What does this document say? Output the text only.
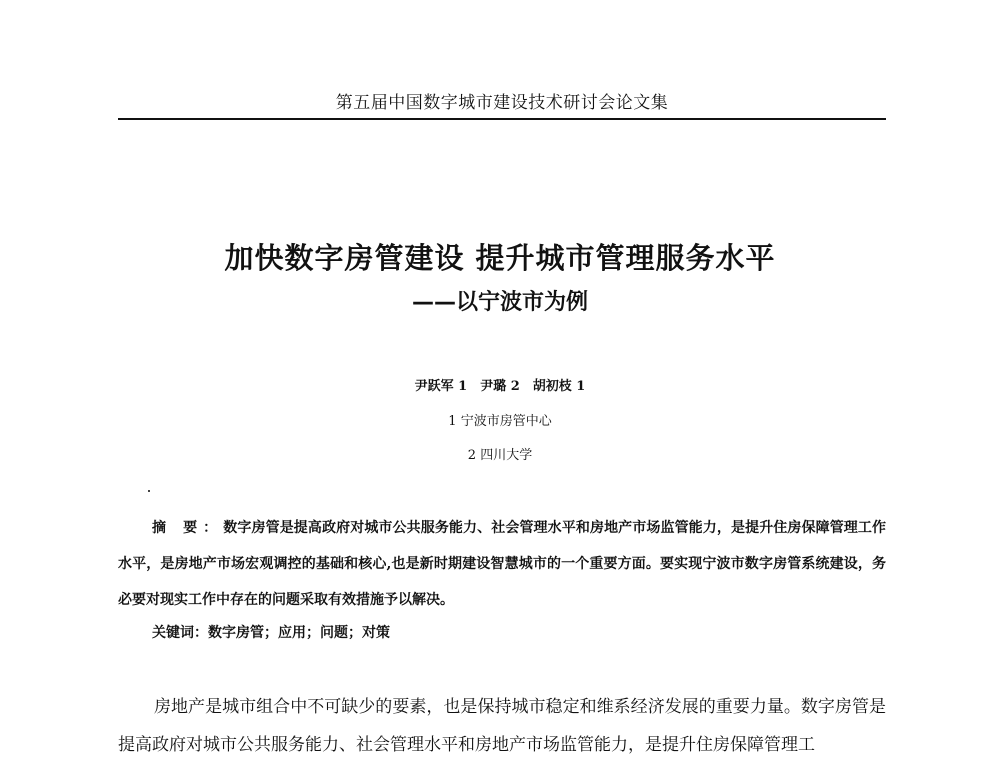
第五届中国数字城市建设技术研讨会论文集
加快数字房管建设 提升城市管理服务水平
——以宁波市为例
尹跃军 1　尹璐 2　胡初枝 1
1 宁波市房管中心
2 四川大学
摘 要：数字房管是提高政府对城市公共服务能力、社会管理水平和房地产市场监管能力，是提升住房保障管理工作水平，是房地产市场宏观调控的基础和核心,也是新时期建设智慧城市的一个重要方面。要实现宁波市数字房管系统建设，务必要对现实工作中存在的问题采取有效措施予以解决。
关键词：数字房管；应用；问题；对策
房地产是城市组合中不可缺少的要素，也是保持城市稳定和维系经济发展的重要力量。数字房管是提高政府对城市公共服务能力、社会管理水平和房地产市场监管能力，是提升住房保障管理工
